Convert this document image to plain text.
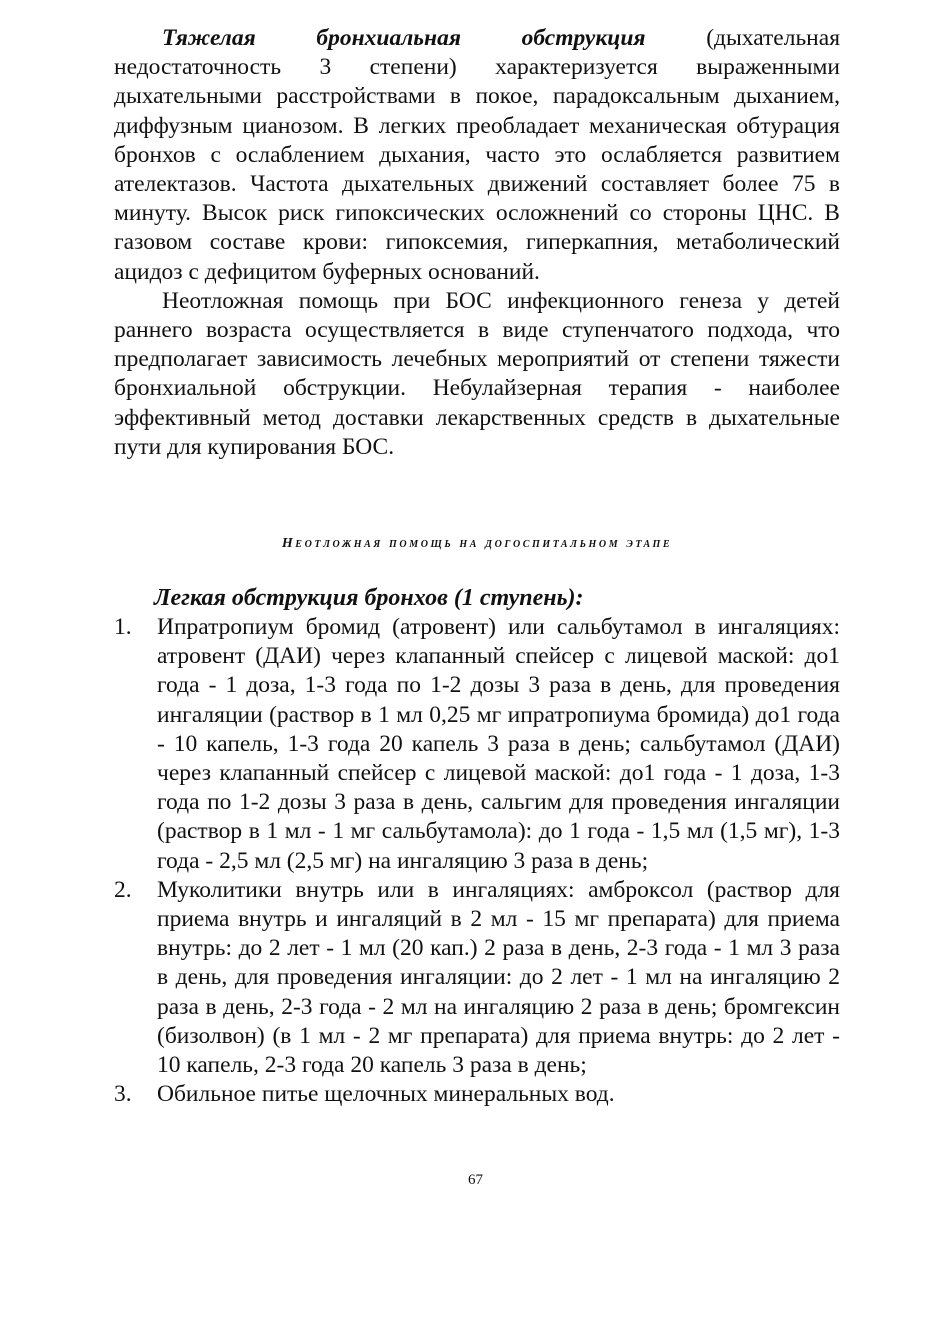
Тяжелая бронхиальная обструкция (дыхательная недостаточность 3 степени) характеризуется выраженными дыхательными расстройствами в покое, парадоксальным дыханием, диффузным цианозом. В легких преобладает механическая обтурация бронхов с ослаблением дыхания, часто это ослабляется развитием ателектазов. Частота дыхательных движений составляет более 75 в минуту. Высок риск гипоксических осложнений со стороны ЦНС. В газовом составе крови: гипоксемия, гиперкапния, метаболический ацидоз с дефицитом буферных оснований.

Неотложная помощь при БОС инфекционного генеза у детей раннего возраста осуществляется в виде ступенчатого подхода, что предполагает зависимость лечебных мероприятий от степени тяжести бронхиальной обструкции. Небулайзерная терапия - наиболее эффективный метод доставки лекарственных средств в дыхательные пути для купирования БОС.

Неотложная помощь на догоспитальном этапе
Легкая обструкция бронхов (1 ступень):
1.	Ипратропиум бромид (атровент) или сальбутамол в ингаляциях: атровент (ДАИ) через клапанный спейсер с лицевой маской: до1 года - 1 доза, 1-3 года по 1-2 дозы 3 раза в день, для проведения ингаляции (раствор в 1 мл 0,25 мг ипратропиума бромида) до1 года - 10 капель, 1-3 года 20 капель 3 раза в день; сальбутамол (ДАИ) через клапанный спейсер с лицевой маской: до1 года - 1 доза, 1-3 года по 1-2 дозы 3 раза в день, сальгим для проведения ингаляции (раствор в 1 мл - 1 мг сальбутамола): до 1 года - 1,5 мл (1,5 мг), 1-3 года - 2,5 мл (2,5 мг) на ингаляцию 3 раза в день;
2.	Муколитики внутрь или в ингаляциях: амброксол (раствор для приема внутрь и ингаляций в 2 мл - 15 мг препарата) для приема внутрь: до 2 лет - 1 мл (20 кап.) 2 раза в день, 2-3 года - 1 мл 3 раза в день, для проведения ингаляции: до 2 лет - 1 мл на ингаляцию 2 раза в день, 2-3 года - 2 мл на ингаляцию 2 раза в день; бромгексин (бизолвон) (в 1 мл - 2 мг препарата) для приема внутрь: до 2 лет - 10 капель, 2-3 года 20 капель 3 раза в день;
3.	Обильное питье щелочных минеральных вод.
67
